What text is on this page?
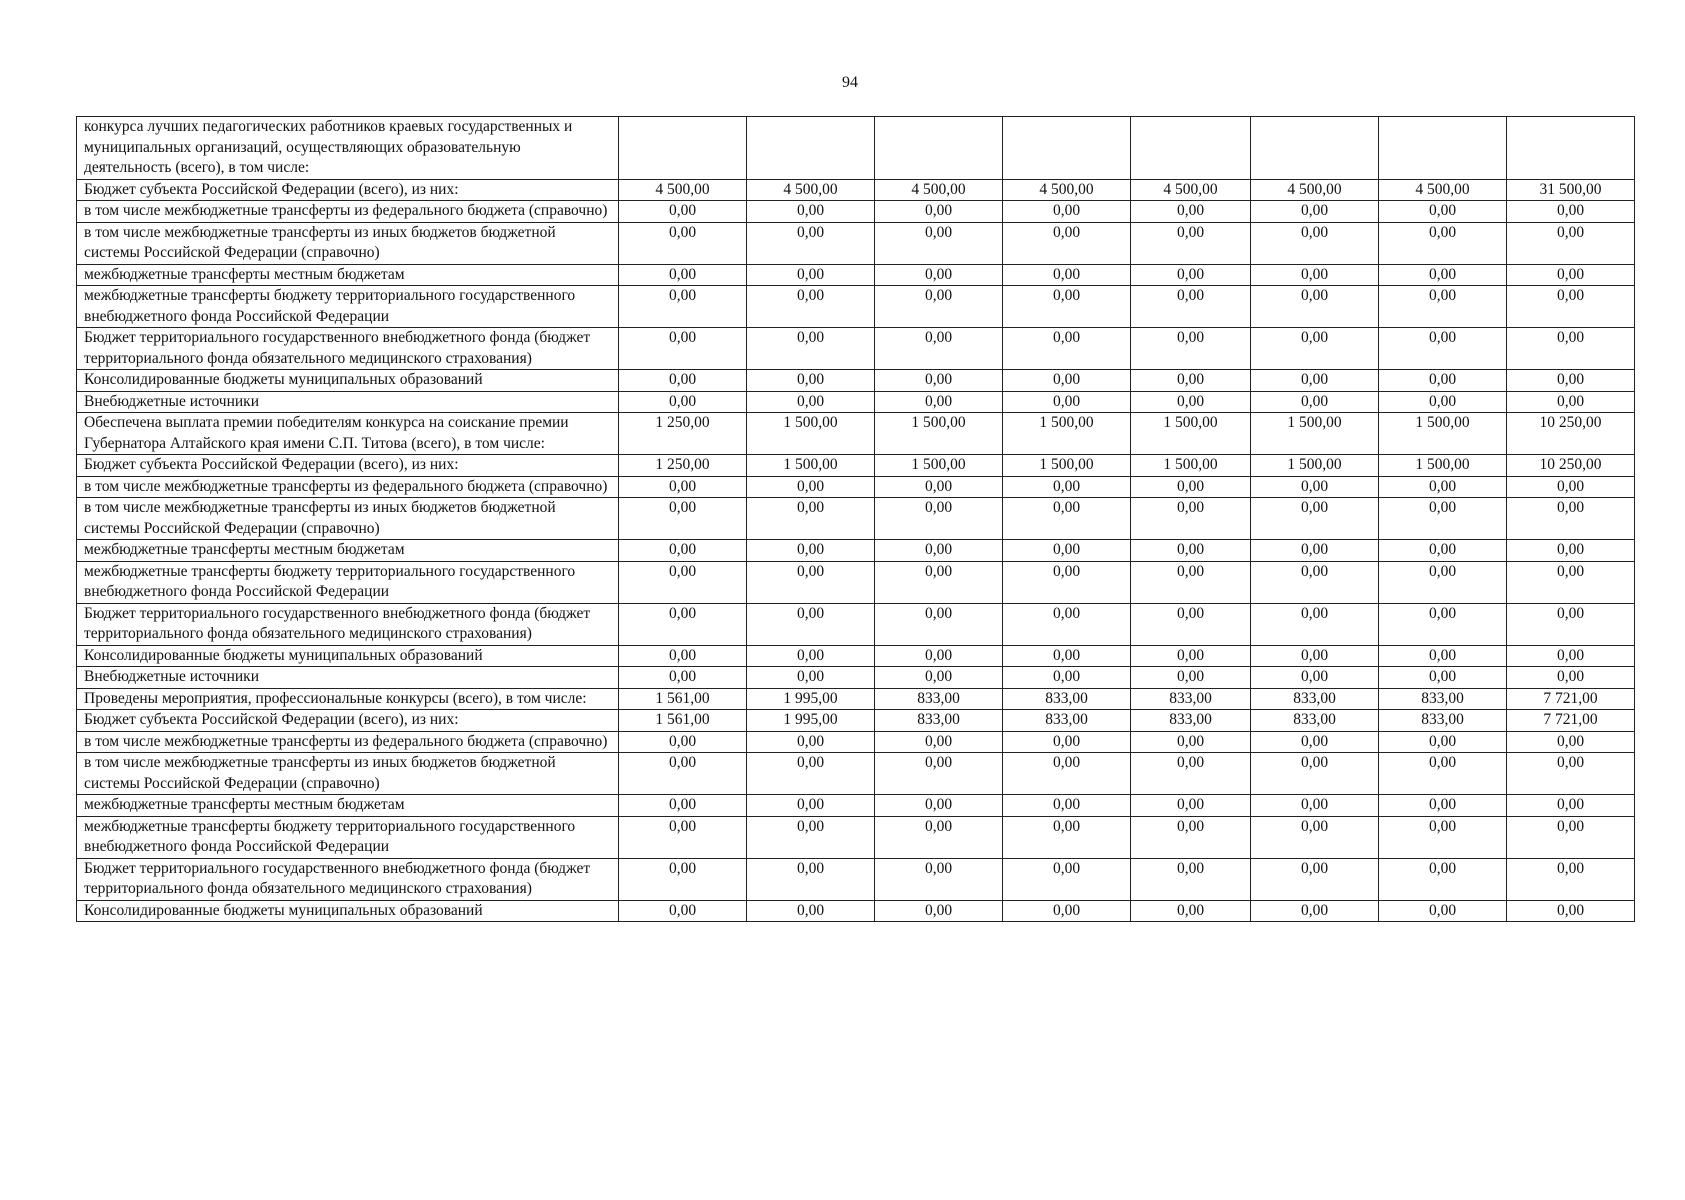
94
конкурса лучших педагогических работников краевых государственных и муниципальных организаций, осуществляющих образовательную деятельность (всего), в том числе:								
Бюджет субъекта Российской Федерации (всего), из них:	4 500,00	4 500,00	4 500,00	4 500,00	4 500,00	4 500,00	4 500,00	31 500,00
в том числе межбюджетные трансферты из федерального бюджета (справочно)	0,00	0,00	0,00	0,00	0,00	0,00	0,00	0,00
в том числе межбюджетные трансферты из иных бюджетов бюджетной системы Российской Федерации (справочно)	0,00	0,00	0,00	0,00	0,00	0,00	0,00	0,00
межбюджетные трансферты местным бюджетам	0,00	0,00	0,00	0,00	0,00	0,00	0,00	0,00
межбюджетные трансферты бюджету территориального государственного внебюджетного фонда Российской Федерации	0,00	0,00	0,00	0,00	0,00	0,00	0,00	0,00
Бюджет территориального государственного внебюджетного фонда (бюджет территориального фонда обязательного медицинского страхования)	0,00	0,00	0,00	0,00	0,00	0,00	0,00	0,00
Консолидированные бюджеты муниципальных образований	0,00	0,00	0,00	0,00	0,00	0,00	0,00	0,00
Внебюджетные источники	0,00	0,00	0,00	0,00	0,00	0,00	0,00	0,00
Обеспечена выплата премии победителям конкурса на соискание премии Губернатора Алтайского края имени С.П. Титова (всего), в том числе:	1 250,00	1 500,00	1 500,00	1 500,00	1 500,00	1 500,00	1 500,00	10 250,00
Бюджет субъекта Российской Федерации (всего), из них:	1 250,00	1 500,00	1 500,00	1 500,00	1 500,00	1 500,00	1 500,00	10 250,00
в том числе межбюджетные трансферты из федерального бюджета (справочно)	0,00	0,00	0,00	0,00	0,00	0,00	0,00	0,00
в том числе межбюджетные трансферты из иных бюджетов бюджетной системы Российской Федерации (справочно)	0,00	0,00	0,00	0,00	0,00	0,00	0,00	0,00
межбюджетные трансферты местным бюджетам	0,00	0,00	0,00	0,00	0,00	0,00	0,00	0,00
межбюджетные трансферты бюджету территориального государственного внебюджетного фонда Российской Федерации	0,00	0,00	0,00	0,00	0,00	0,00	0,00	0,00
Бюджет территориального государственного внебюджетного фонда (бюджет территориального фонда обязательного медицинского страхования)	0,00	0,00	0,00	0,00	0,00	0,00	0,00	0,00
Консолидированные бюджеты муниципальных образований	0,00	0,00	0,00	0,00	0,00	0,00	0,00	0,00
Внебюджетные источники	0,00	0,00	0,00	0,00	0,00	0,00	0,00	0,00
Проведены мероприятия, профессиональные конкурсы (всего), в том числе:	1 561,00	1 995,00	833,00	833,00	833,00	833,00	833,00	7 721,00
Бюджет субъекта Российской Федерации (всего), из них:	1 561,00	1 995,00	833,00	833,00	833,00	833,00	833,00	7 721,00
в том числе межбюджетные трансферты из федерального бюджета (справочно)	0,00	0,00	0,00	0,00	0,00	0,00	0,00	0,00
в том числе межбюджетные трансферты из иных бюджетов бюджетной системы Российской Федерации (справочно)	0,00	0,00	0,00	0,00	0,00	0,00	0,00	0,00
межбюджетные трансферты местным бюджетам	0,00	0,00	0,00	0,00	0,00	0,00	0,00	0,00
межбюджетные трансферты бюджету территориального государственного внебюджетного фонда Российской Федерации	0,00	0,00	0,00	0,00	0,00	0,00	0,00	0,00
Бюджет территориального государственного внебюджетного фонда (бюджет территориального фонда обязательного медицинского страхования)	0,00	0,00	0,00	0,00	0,00	0,00	0,00	0,00
Консолидированные бюджеты муниципальных образований	0,00	0,00	0,00	0,00	0,00	0,00	0,00	0,00
